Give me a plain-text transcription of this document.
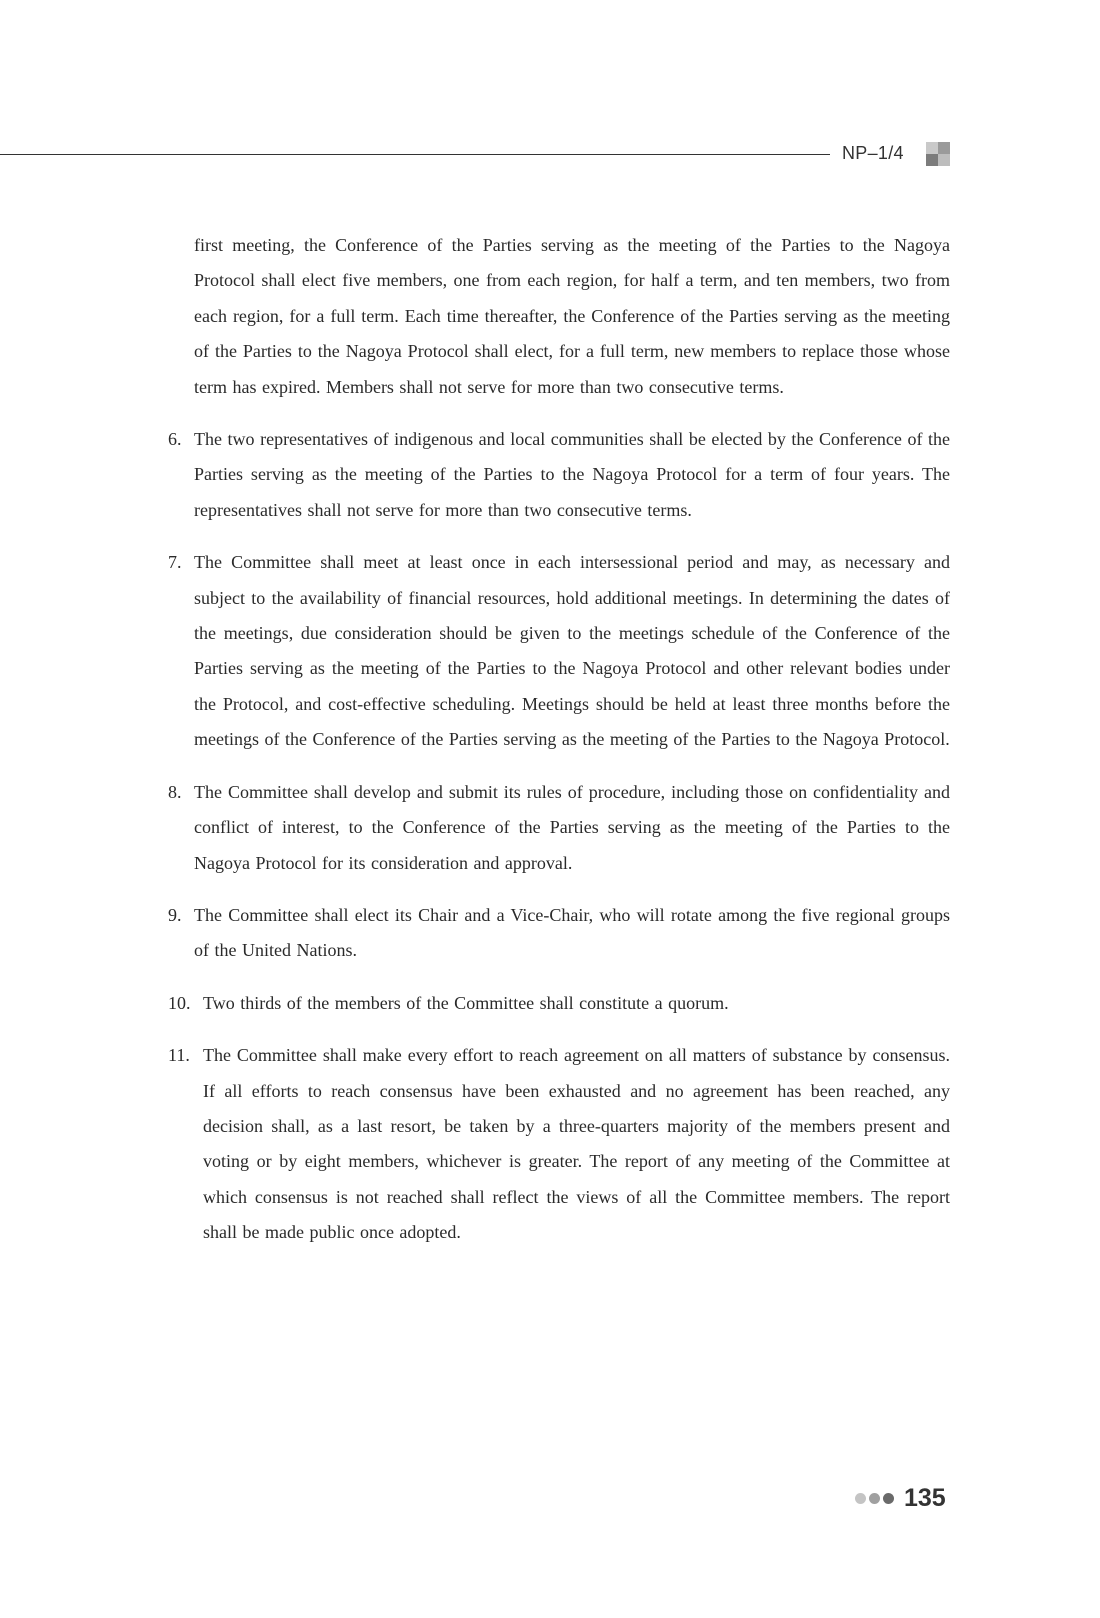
NP–1/4

first meeting, the Conference of the Parties serving as the meeting of the Parties to the Nagoya Protocol shall elect five members, one from each region, for half a term, and ten members, two from each region, for a full term. Each time thereafter, the Conference of the Parties serving as the meeting of the Parties to the Nagoya Protocol shall elect, for a full term, new members to replace those whose term has expired. Members shall not serve for more than two consecutive terms.

6. The two representatives of indigenous and local communities shall be elected by the Conference of the Parties serving as the meeting of the Parties to the Nagoya Protocol for a term of four years. The representatives shall not serve for more than two consecutive terms.
7. The Committee shall meet at least once in each intersessional period and may, as necessary and subject to the availability of financial resources, hold additional meetings. In determining the dates of the meetings, due consideration should be given to the meetings schedule of the Conference of the Parties serving as the meeting of the Parties to the Nagoya Protocol and other relevant bodies under the Protocol, and cost-effective scheduling. Meetings should be held at least three months before the meetings of the Conference of the Parties serving as the meeting of the Parties to the Nagoya Protocol.
8. The Committee shall develop and submit its rules of procedure, including those on confidentiality and conflict of interest, to the Conference of the Parties serving as the meeting of the Parties to the Nagoya Protocol for its consideration and approval.
9. The Committee shall elect its Chair and a Vice-Chair, who will rotate among the five regional groups of the United Nations.
10. Two thirds of the members of the Committee shall constitute a quorum.
11. The Committee shall make every effort to reach agreement on all matters of substance by consensus. If all efforts to reach consensus have been exhausted and no agreement has been reached, any decision shall, as a last resort, be taken by a three-quarters majority of the members present and voting or by eight members, whichever is greater. The report of any meeting of the Committee at which consensus is not reached shall reflect the views of all the Committee members. The report shall be made public once adopted.
135
